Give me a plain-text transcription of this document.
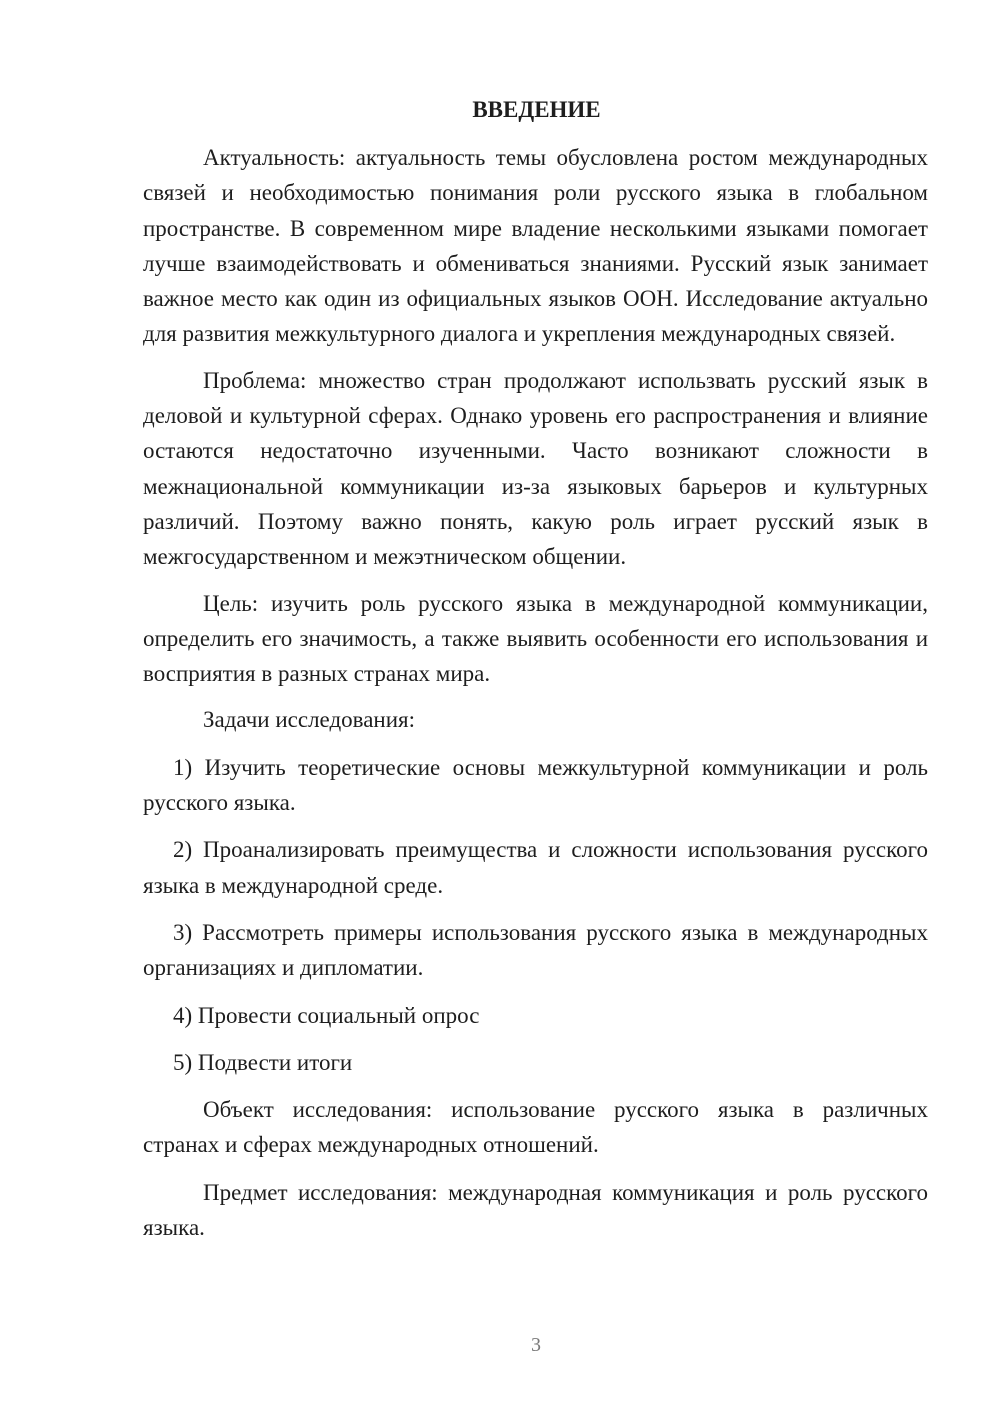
ВВЕДЕНИЕ

Актуальность: актуальность темы обусловлена ростом международных связей и необходимостью понимания роли русского языка в глобальном пространстве. В современном мире владение несколькими языками помогает лучше взаимодействовать и обмениваться знаниями. Русский язык занимает важное место как один из официальных языков ООН. Исследование актуально для развития межкультурного диалога и укрепления международных связей.

Проблема: множество стран продолжают использвать русский язык в деловой и культурной сферах. Однако уровень его распространения и влияние остаются недостаточно изученными. Часто возникают сложности в межнациональной коммуникации из-за языковых барьеров и культурных различий. Поэтому важно понять, какую роль играет русский язык в межгосударственном и межэтническом общении.

Цель: изучить роль русского языка в международной коммуникации, определить его значимость, а также выявить особенности его использования и восприятия в разных странах мира.

Задачи исследования:

1) Изучить теоретические основы межкультурной коммуникации и роль русского языка.

2) Проанализировать преимущества и сложности использования русского языка в международной среде.

3) Рассмотреть примеры использования русского языка в международных организациях и дипломатии.

4) Провести социальный опрос

5) Подвести итоги

Объект исследования: использование русского языка в различных странах и сферах международных отношений.

Предмет исследования: международная коммуникация и роль русского языка.

3
